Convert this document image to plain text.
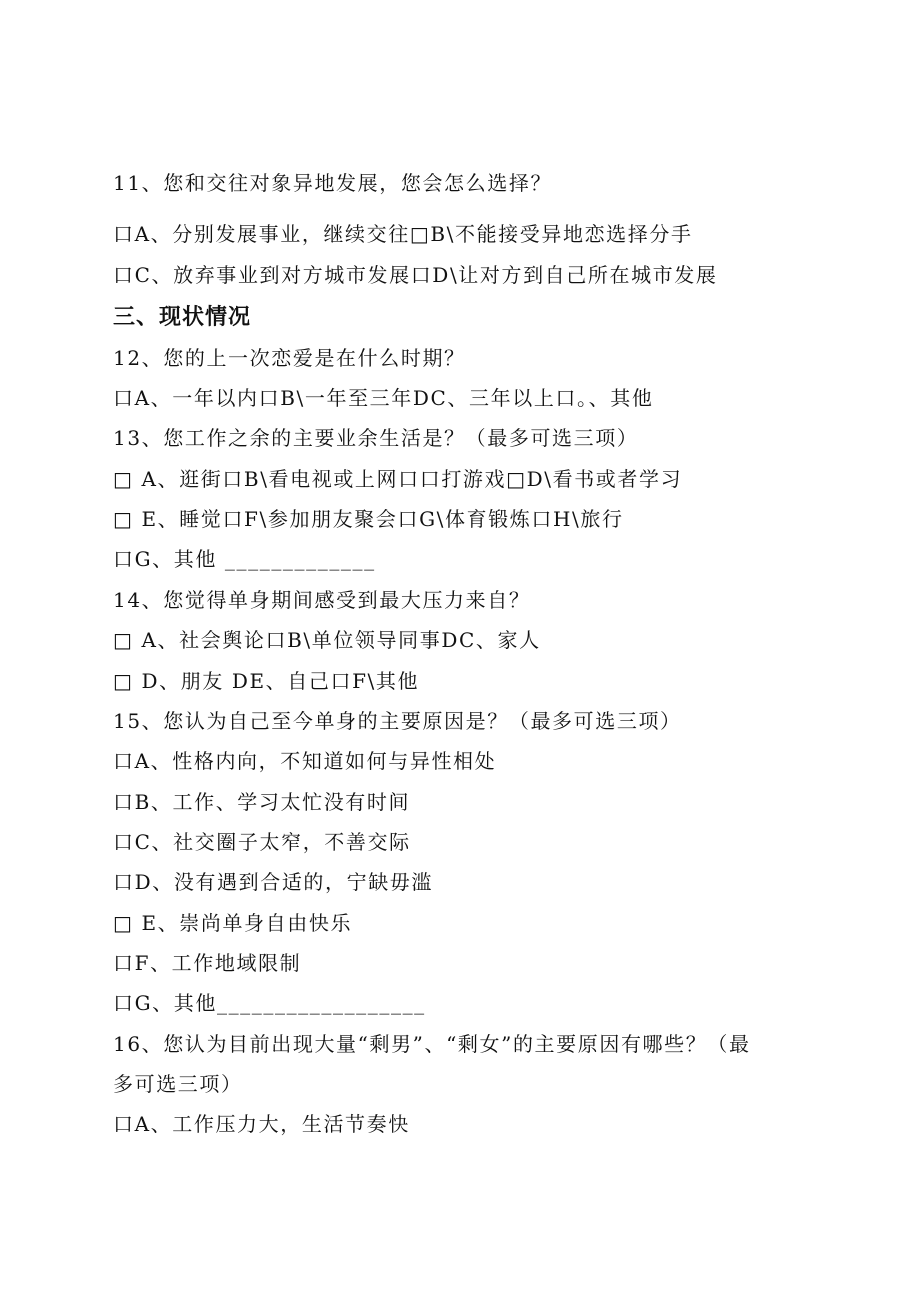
11、您和交往对象异地发展，您会怎么选择？
口A、分别发展事业，继续交往□B\不能接受异地恋选择分手
口C、放弃事业到对方城市发展口D\让对方到自己所在城市发展
三、现状情况
12、您的上一次恋爱是在什么时期？
口A、一年以内口B\一年至三年DC、三年以上口。、其他
13、您工作之余的主要业余生活是？（最多可选三项）
□ A、逛街口B\看电视或上网口口打游戏□D\看书或者学习
□ E、睡觉口F\参加朋友聚会口G\体育锻炼口H\旅行
口G、其他 _____________
14、您觉得单身期间感受到最大压力来自？
□ A、社会舆论口B\单位领导同事DC、家人
□ D、朋友 DE、自己口F\其他
15、您认为自己至今单身的主要原因是？（最多可选三项）
口A、性格内向，不知道如何与异性相处
口B、工作、学习太忙没有时间
口C、社交圈子太窄，不善交际
口D、没有遇到合适的，宁缺毋滥
□ E、崇尚单身自由快乐
口F、工作地域限制
口G、其他__________________
16、您认为目前出现大量“剩男”、“剩女”的主要原因有哪些？（最
多可选三项）
口A、工作压力大，生活节奏快
